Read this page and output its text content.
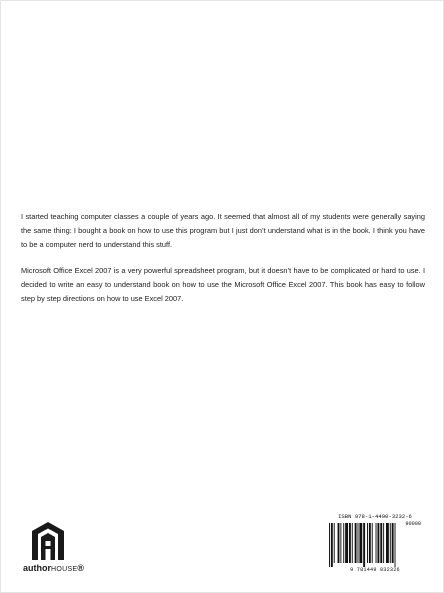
I started teaching computer classes a couple of years ago. It seemed that almost all of my students were generally saying the same thing: I bought a book on how to use this program but I just don’t understand what is in the book. I think you have to be a computer nerd to understand this stuff.

Microsoft Office Excel 2007 is a very powerful spreadsheet program, but it doesn’t have to be complicated or hard to use. I decided to write an easy to understand book on how to use the Microsoft Office Excel 2007. This book has easy to follow step by step directions on how to use Excel 2007.

authorHOUSE®
ISBN 978-1-4490-3232-6
90000
9 781449 032326
